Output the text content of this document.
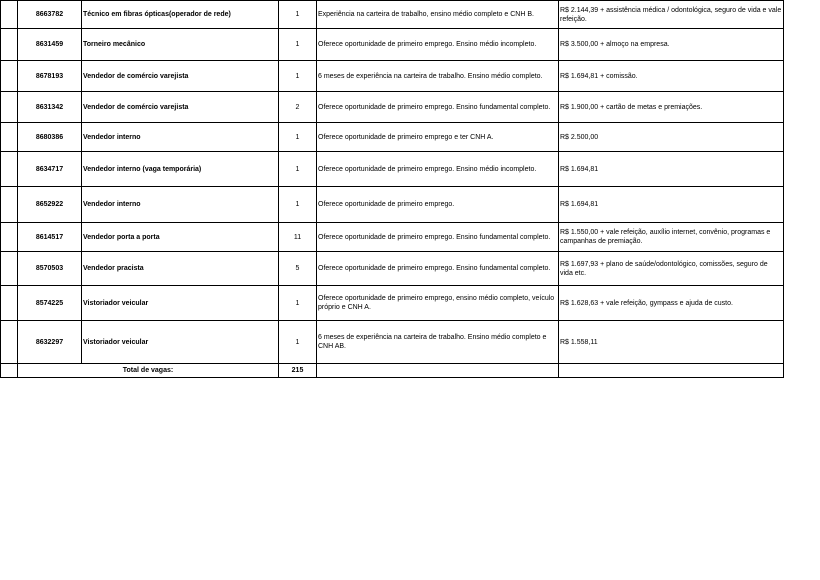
	8663782	Técnico em fibras ópticas(operador de rede)	1	Experiência na carteira de trabalho, ensino médio completo e CNH B.	R$ 2.144,39 + assistência médica / odontológica, seguro de vida e vale refeição.
	8631459	Torneiro mecânico	1	Oferece oportunidade de primeiro emprego. Ensino médio incompleto.	R$ 3.500,00 + almoço na empresa.
	8678193	Vendedor de comércio varejista	1	6 meses de experiência na carteira de trabalho. Ensino médio completo.	R$ 1.694,81 + comissão.
	8631342	Vendedor de comércio varejista	2	Oferece oportunidade de primeiro emprego. Ensino fundamental completo.	R$ 1.900,00 + cartão de metas e premiações.
	8680386	Vendedor interno	1	Oferece oportunidade de primeiro emprego e ter CNH A.	R$ 2.500,00
	8634717	Vendedor interno (vaga temporária)	1	Oferece oportunidade de primeiro emprego. Ensino médio incompleto.	R$ 1.694,81
	8652922	Vendedor interno	1	Oferece oportunidade de primeiro emprego.	R$ 1.694,81
	8614517	Vendedor porta a porta	11	Oferece oportunidade de primeiro emprego. Ensino fundamental completo.	R$ 1.550,00 + vale refeição, auxílio internet, convênio, programas e campanhas de premiação.
	8570503	Vendedor pracista	5	Oferece oportunidade de primeiro emprego. Ensino fundamental completo.	R$ 1.697,93 + plano de saúde/odontológico, comissões, seguro de vida etc.
	8574225	Vistoriador veicular	1	Oferece oportunidade de primeiro emprego, ensino médio completo, veículo próprio e CNH A.	R$ 1.628,63 + vale refeição, gympass e ajuda de custo.
	8632297	Vistoriador veicular	1	6 meses de experiência na carteira de trabalho. Ensino médio completo e CNH AB.	R$ 1.558,11
	Total de vagas:		215		
